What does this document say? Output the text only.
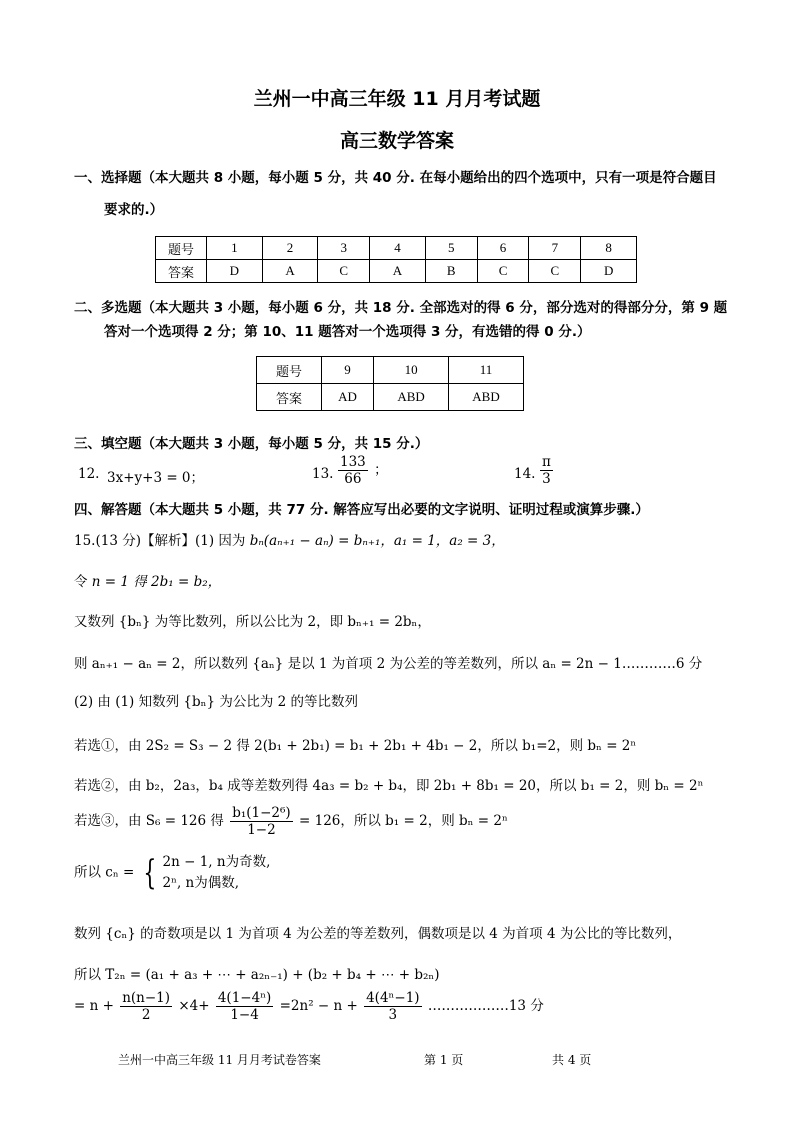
兰州一中高三年级 11 月月考试题
高三数学答案
一、选择题（本大题共 8 小题，每小题 5 分，共 40 分. 在每小题给出的四个选项中，只有一项是符合题目
要求的.）
题号	1	2	3	4	5	6	7	8
答案	D	A	C	A	B	C	C	D
二、多选题（本大题共 3 小题，每小题 6 分，共 18 分. 全部选对的得 6 分，部分选对的得部分分，第 9 题
答对一个选项得 2 分；第 10、11 题答对一个选项得 3 分，有选错的得 0 分.）
题号	9	10	11
答案	AD	ABD	ABD
三、填空题（本大题共 3 小题，每小题 5 分，共 15 分.）
12. 3x+y+3 = 0；	13. $\frac{133}{66}$ ；	14. $\frac{\pi}{3}$
四、解答题（本大题共 5 小题，共 77 分. 解答应写出必要的文字说明、证明过程或演算步骤.）
15.(13 分)【解析】(1) 因为 bₙ(aₙ₊₁ − aₙ) = bₙ₊₁，a₁ = 1，a₂ = 3，
令 n = 1 得 2b₁ = b₂，
又数列 {bₙ} 为等比数列，所以公比为 2，即 bₙ₊₁ = 2bₙ，
则 aₙ₊₁ − aₙ = 2，所以数列 {aₙ} 是以 1 为首项 2 为公差的等差数列，所以 aₙ = 2n − 1…………6 分
(2) 由 (1) 知数列 {bₙ} 为公比为 2 的等比数列
若选①，由 2S₂ = S₃ − 2 得 2(b₁ + 2b₁) = b₁ + 2b₁ + 4b₁ − 2，所以 b₁=2，则 bₙ = 2ⁿ
若选②，由 b₂，2a₃，b₄ 成等差数列得 4a₃ = b₂ + b₄，即 2b₁ + 8b₁ = 20，所以 b₁ = 2，则 bₙ = 2ⁿ
若选③，由 S₆ = 126 得 $\frac{\text{b₁(1−2⁶)}}{1-2} = 126$，所以 b₁ = 2，则 bₙ = 2ⁿ
所以 cₙ = { 2n − 1, n为奇数,
2ⁿ, n为偶数,
数列 {cₙ} 的奇数项是以 1 为首项 4 为公差的等差数列，偶数项是以 4 为首项 4 为公比的等比数列，
所以 T₂ₙ = (a₁ + a₃ + ⋯ + a₂ₙ₋₁) + (b₂ + b₄ + ⋯ + b₂ₙ)
= $n + \frac{n(n-1)}{2} \times 4+ \frac{\text{4(1−4ⁿ)}}{1-4} =2n^2 - n + \frac{\text{4(4ⁿ−1)}}{3}$ ………………13 分
兰州一中高三年级 11 月月考试卷答案	第 1 页	共 4 页
